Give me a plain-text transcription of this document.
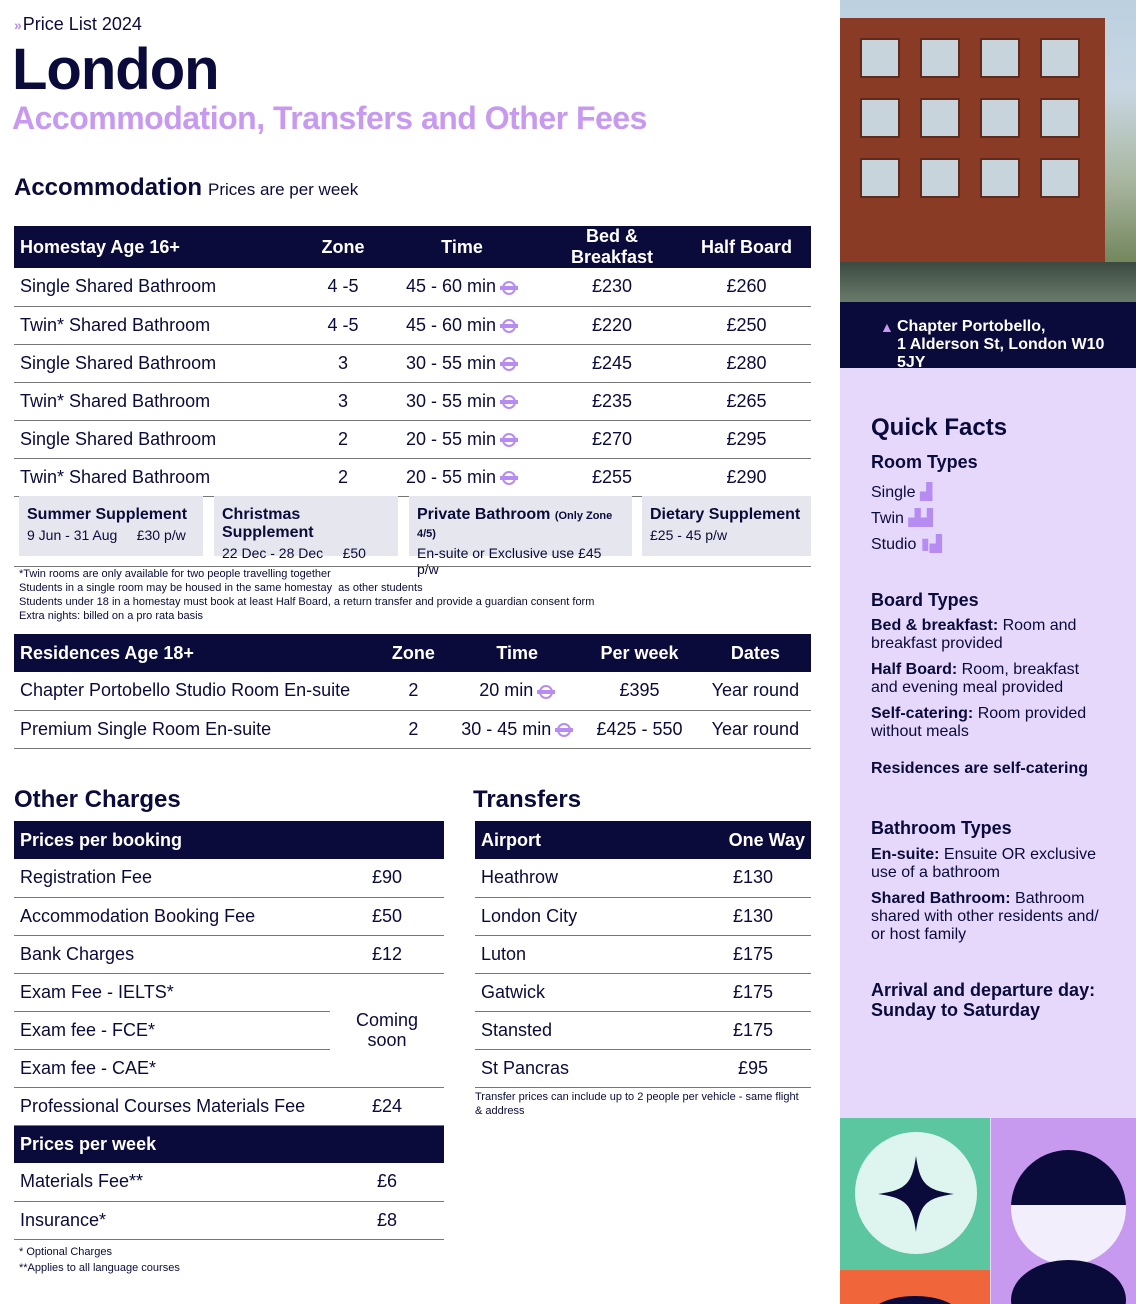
» Price List 2024
London
Accommodation, Transfers and Other Fees
Accommodation Prices are per week
Homestay Age 16+	Zone	Time	Bed & Breakfast	Half Board
Single Shared Bathroom	4 -5	45 - 60 min	£230	£260
Twin* Shared Bathroom	4 -5	45 - 60 min	£220	£250
Single Shared Bathroom	3	30 - 55 min	£245	£280
Twin* Shared Bathroom	3	30 - 55 min	£235	£265
Single Shared Bathroom	2	20 - 55 min	£270	£295
Twin* Shared Bathroom	2	20 - 55 min	£255	£290
Summer Supplement
9 Jun - 31 Aug     £30 p/w
Christmas Supplement
22 Dec - 28 Dec     £50
Private Bathroom (Only Zone 4/5)
En-suite or Exclusive use £45 p/w
Dietary Supplement
£25 - 45 p/w
*Twin rooms are only available for two people travelling together
Students in a single room may be housed in the same homestay  as other students
Students under 18 in a homestay must book at least Half Board, a return transfer and provide a guardian consent form
Extra nights: billed on a pro rata basis
Residences Age 18+	Zone	Time	Per week	Dates
Chapter Portobello Studio Room En-suite	2	20 min	£395	Year round
Premium Single Room En-suite	2	30 - 45 min	£425 - 550	Year round
Other Charges
Prices per booking	
Registration Fee	£90
Accommodation Booking Fee	£50
Bank Charges	£12
Exam Fee - IELTS*	Coming soon
Exam fee - FCE*	
Exam fee - CAE*	
Professional Courses Materials Fee	£24
Prices per week	
Materials Fee**	£6
Insurance*	£8
* Optional Charges
**Applies to all language courses
Transfers
Airport	One Way
Heathrow	£130
London City	£130
Luton	£175
Gatwick	£175
Stansted	£175
St Pancras	£95
Transfer prices can include up to 2 people per vehicle - same flight & address
▲ Chapter Portobello,
1 Alderson St, London W10 5JY
Quick Facts
Room Types
Single ▟
Twin ▟▟
Studio ▮▟
Board Types
Bed & breakfast: Room and breakfast provided
Half Board: Room, breakfast and evening meal provided
Self-catering: Room provided without meals
Residences are self-catering
Bathroom Types
En-suite: Ensuite OR exclusive use of a bathroom
Shared Bathroom: Bathroom shared with other residents and/ or host family
Arrival and departure day:
Sunday to Saturday
